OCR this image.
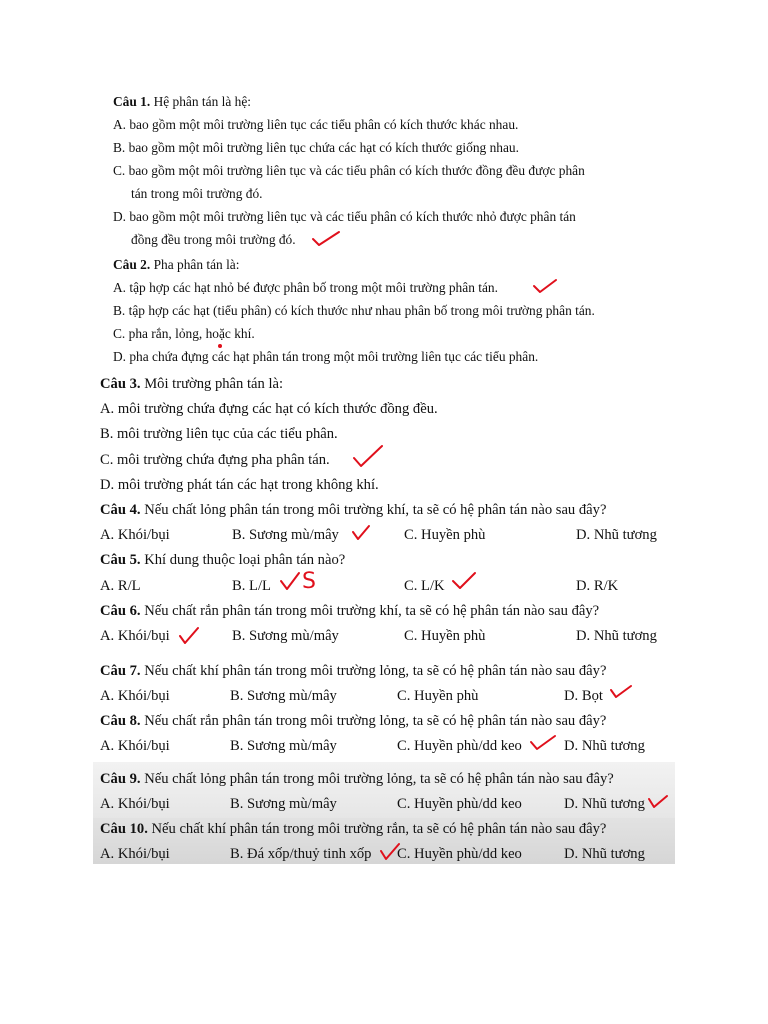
Câu 1. Hệ phân tán là hệ:
A. bao gồm một môi trường liên tục các tiểu phân có kích thước khác nhau.
B. bao gồm một môi trường liên tục chứa các hạt có kích thước giống nhau.
C. bao gồm một môi trường liên tục và các tiểu phân có kích thước đồng đều được phân
tán trong môi trường đó.
D. bao gồm một môi trường liên tục và các tiểu phân có kích thước nhỏ được phân tán
đồng đều trong môi trường đó.
Câu 2. Pha phân tán là:
A. tập hợp các hạt nhỏ bé được phân bố trong một môi trường phân tán.
B. tập hợp các hạt (tiểu phân) có kích thước như nhau phân bố trong môi trường phân tán.
C. pha rắn, lỏng, hoặc khí.
D. pha chứa đựng các hạt phân tán trong một môi trường liên tục các tiểu phân.
Câu 3. Môi trường phân tán là:
A. môi trường chứa đựng các hạt có kích thước đồng đều.
B. môi trường liên tục của các tiểu phân.
C. môi trường chứa đựng pha phân tán.
D. môi trường phát tán các hạt trong không khí.
Câu 4. Nếu chất lỏng phân tán trong môi trường khí, ta sẽ có hệ phân tán nào sau đây?
A. Khói/bụi	B. Sương mù/mây	C. Huyền phù	D. Nhũ tương
Câu 5. Khí dung thuộc loại phân tán nào?
A. R/L	B. L/L	C. L/K	D. R/K
Câu 6. Nếu chất rắn phân tán trong môi trường khí, ta sẽ có hệ phân tán nào sau đây?
A. Khói/bụi	B. Sương mù/mây	C. Huyền phù	D. Nhũ tương
Câu 7. Nếu chất khí phân tán trong môi trường lỏng, ta sẽ có hệ phân tán nào sau đây?
A. Khói/bụi	B. Sương mù/mây	C. Huyền phù	D. Bọt
Câu 8. Nếu chất rắn phân tán trong môi trường lỏng, ta sẽ có hệ phân tán nào sau đây?
A. Khói/bụi	B. Sương mù/mây	C. Huyền phù/dd keo	D. Nhũ tương
Câu 9. Nếu chất lỏng phân tán trong môi trường lỏng, ta sẽ có hệ phân tán nào sau đây?
A. Khói/bụi	B. Sương mù/mây	C. Huyền phù/dd keo	D. Nhũ tương
Câu 10. Nếu chất khí phân tán trong môi trường rắn, ta sẽ có hệ phân tán nào sau đây?
A. Khói/bụi	B. Đá xốp/thuỷ tinh xốp C. Huyền phù/dd keo	D. Nhũ tương
S
